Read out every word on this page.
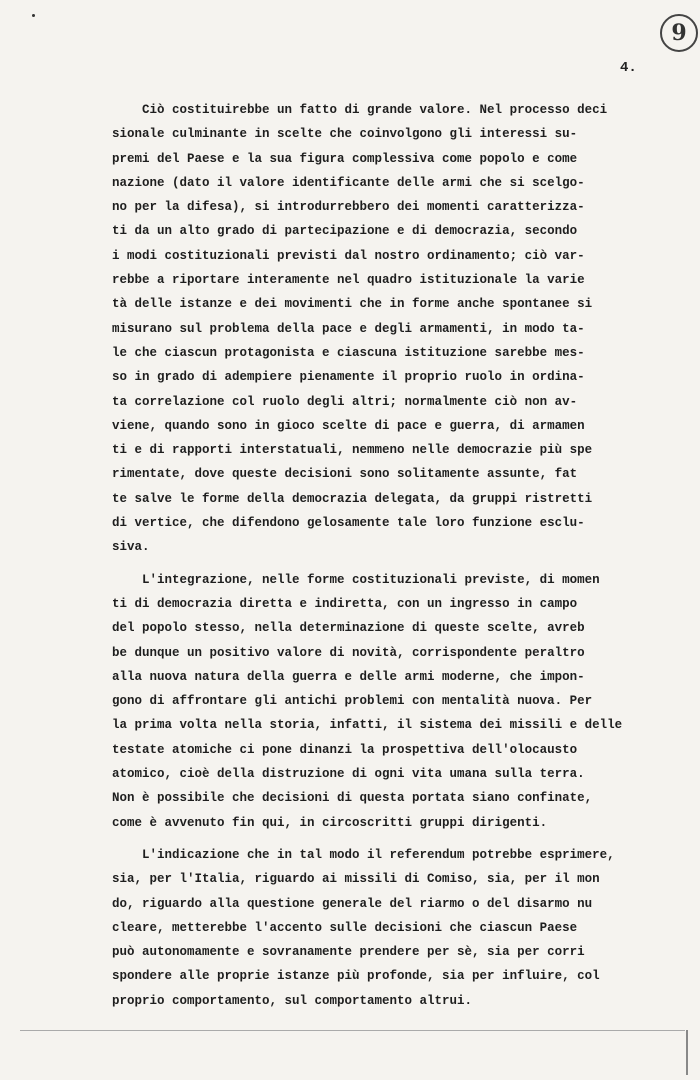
9
4.
Ciò costituirebbe un fatto di grande valore. Nel processo deci
sionale culminante in scelte che coinvolgono gli interessi su-
premi del Paese e la sua figura complessiva come popolo e come
nazione (dato il valore identificante delle armi che si scelgo-
no per la difesa), si introdurrebbero dei momenti caratterizza-
ti da un alto grado di partecipazione e di democrazia, secondo
i modi costituzionali previsti dal nostro ordinamento; ciò var-
rebbe a riportare interamente nel quadro istituzionale la varie
tà delle istanze e dei movimenti che in forme anche spontanee si
misurano sul problema della pace e degli armamenti, in modo ta-
le che ciascun protagonista e ciascuna istituzione sarebbe mes-
so in grado di adempiere pienamente il proprio ruolo in ordina-
ta correlazione col ruolo degli altri; normalmente ciò non av-
viene, quando sono in gioco scelte di pace e guerra, di armamen
ti e di rapporti interstatuali, nemmeno nelle democrazie più spe
rimentate, dove queste decisioni sono solitamente assunte, fat
te salve le forme della democrazia delegata, da gruppi ristretti
di vertice, che difendono gelosamente tale loro funzione esclu-
siva.
L'integrazione, nelle forme costituzionali previste, di momen
ti di democrazia diretta e indiretta, con un ingresso in campo
del popolo stesso, nella determinazione di queste scelte, avreb
be dunque un positivo valore di novità, corrispondente peraltro
alla nuova natura della guerra e delle armi moderne, che impon-
gono di affrontare gli antichi problemi con mentalità nuova. Per
la prima volta nella storia, infatti, il sistema dei missili e delle
testate atomiche ci pone dinanzi la prospettiva dell'olocausto
atomico, cioè della distruzione di ogni vita umana sulla terra.
Non è possibile che decisioni di questa portata siano confinate,
come è avvenuto fin qui, in circoscritti gruppi dirigenti.
L'indicazione che in tal modo il referendum potrebbe esprimere,
sia, per l'Italia, riguardo ai missili di Comiso, sia, per il mon
do, riguardo alla questione generale del riarmo o del disarmo nu
cleare, metterebbe l'accento sulle decisioni che ciascun Paese
può autonomamente e sovranamente prendere per sè, sia per corri
spondere alle proprie istanze più profonde, sia per influire, col
proprio comportamento, sul comportamento altrui.
